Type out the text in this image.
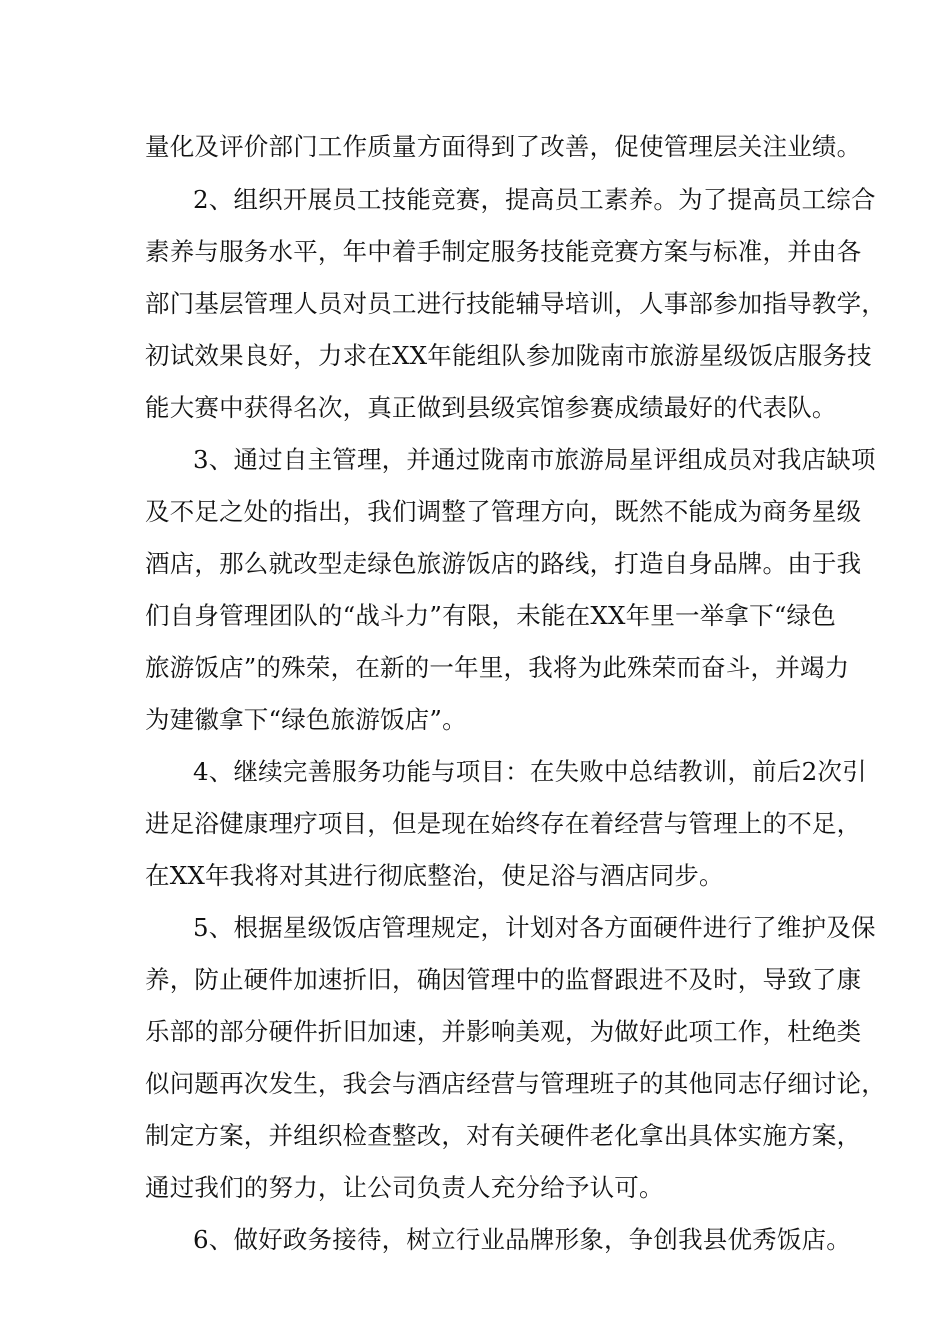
量化及评价部门工作质量方面得到了改善，促使管理层关注业绩。
2、组织开展员工技能竞赛，提高员工素养。为了提高员工综合
素养与服务水平，年中着手制定服务技能竞赛方案与标准，并由各
部门基层管理人员对员工进行技能辅导培训，人事部参加指导教学，
初试效果良好，力求在XX年能组队参加陇南市旅游星级饭店服务技
能大赛中获得名次，真正做到县级宾馆参赛成绩最好的代表队。
3、通过自主管理，并通过陇南市旅游局星评组成员对我店缺项
及不足之处的指出，我们调整了管理方向，既然不能成为商务星级
酒店，那么就改型走绿色旅游饭店的路线，打造自身品牌。由于我
们自身管理团队的“战斗力”有限，未能在XX年里一举拿下“绿色
旅游饭店”的殊荣，在新的一年里，我将为此殊荣而奋斗，并竭力
为建徽拿下“绿色旅游饭店”。
4、继续完善服务功能与项目：在失败中总结教训，前后2次引
进足浴健康理疗项目，但是现在始终存在着经营与管理上的不足，
在XX年我将对其进行彻底整治，使足浴与酒店同步。
5、根据星级饭店管理规定，计划对各方面硬件进行了维护及保
养，防止硬件加速折旧，确因管理中的监督跟进不及时，导致了康
乐部的部分硬件折旧加速，并影响美观，为做好此项工作，杜绝类
似问题再次发生，我会与酒店经营与管理班子的其他同志仔细讨论，
制定方案，并组织检查整改，对有关硬件老化拿出具体实施方案，
通过我们的努力，让公司负责人充分给予认可。
6、做好政务接待，树立行业品牌形象，争创我县优秀饭店。
